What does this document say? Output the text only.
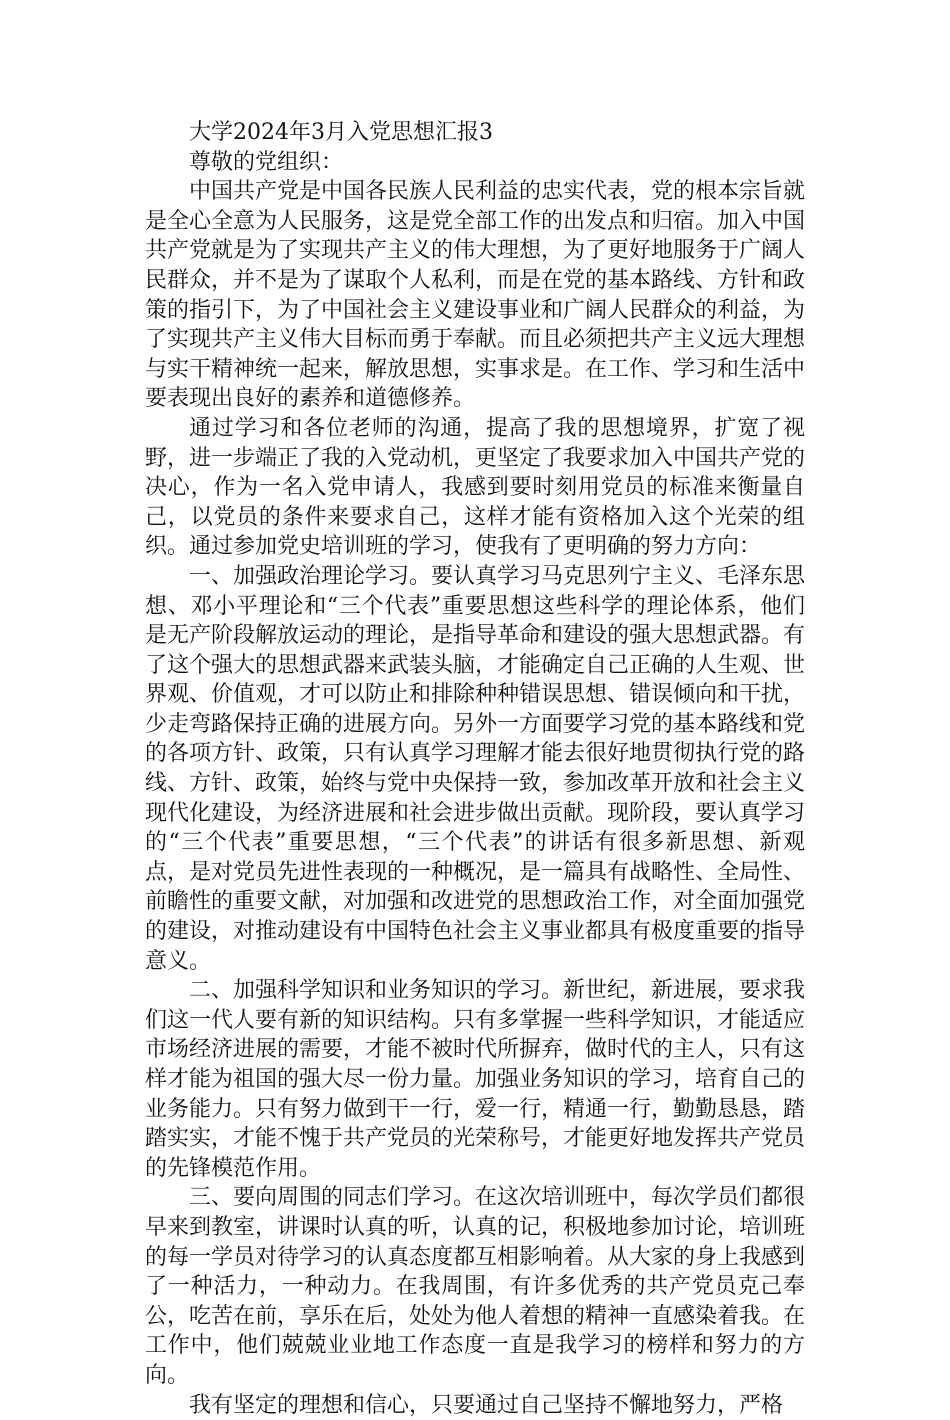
大学2024年3月入党思想汇报3

尊敬的党组织：

中国共产党是中国各民族人民利益的忠实代表，党的根本宗旨就是全心全意为人民服务，这是党全部工作的出发点和归宿。加入中国共产党就是为了实现共产主义的伟大理想，为了更好地服务于广阔人民群众，并不是为了谋取个人私利，而是在党的基本路线、方针和政策的指引下，为了中国社会主义建设事业和广阔人民群众的利益，为了实现共产主义伟大目标而勇于奉献。而且必须把共产主义远大理想与实干精神统一起来，解放思想，实事求是。在工作、学习和生活中要表现出良好的素养和道德修养。

通过学习和各位老师的沟通，提高了我的思想境界，扩宽了视野，进一步端正了我的入党动机，更坚定了我要求加入中国共产党的决心，作为一名入党申请人，我感到要时刻用党员的标准来衡量自己，以党员的条件来要求自己，这样才能有资格加入这个光荣的组织。通过参加党史培训班的学习，使我有了更明确的努力方向：

一、加强政治理论学习。要认真学习马克思列宁主义、毛泽东思想、邓小平理论和“三个代表”重要思想这些科学的理论体系，他们是无产阶段解放运动的理论，是指导革命和建设的强大思想武器。有了这个强大的思想武器来武装头脑，才能确定自己正确的人生观、世界观、价值观，才可以防止和排除种种错误思想、错误倾向和干扰，少走弯路保持正确的进展方向。另外一方面要学习党的基本路线和党的各项方针、政策，只有认真学习理解才能去很好地贯彻执行党的路线、方针、政策，始终与党中央保持一致，参加改革开放和社会主义现代化建设，为经济进展和社会进步做出贡献。现阶段，要认真学习的“三个代表”重要思想，“三个代表”的讲话有很多新思想、新观点，是对党员先进性表现的一种概况，是一篇具有战略性、全局性、前瞻性的重要文献，对加强和改进党的思想政治工作，对全面加强党的建设，对推动建设有中国特色社会主义事业都具有极度重要的指导意义。

二、加强科学知识和业务知识的学习。新世纪，新进展，要求我们这一代人要有新的知识结构。只有多掌握一些科学知识，才能适应市场经济进展的需要，才能不被时代所摒弃，做时代的主人，只有这样才能为祖国的强大尽一份力量。加强业务知识的学习，培育自己的业务能力。只有努力做到干一行，爱一行，精通一行，勤勤恳恳，踏踏实实，才能不愧于共产党员的光荣称号，才能更好地发挥共产党员的先锋模范作用。

三、要向周围的同志们学习。在这次培训班中，每次学员们都很早来到教室，讲课时认真的听，认真的记，积极地参加讨论，培训班的每一学员对待学习的认真态度都互相影响着。从大家的身上我感到了一种活力，一种动力。在我周围，有许多优秀的共产党员克己奉公，吃苦在前，享乐在后，处处为他人着想的精神一直感染着我。在工作中，他们兢兢业业地工作态度一直是我学习的榜样和努力的方向。

我有坚定的理想和信心，只要通过自己坚持不懈地努力，严格
